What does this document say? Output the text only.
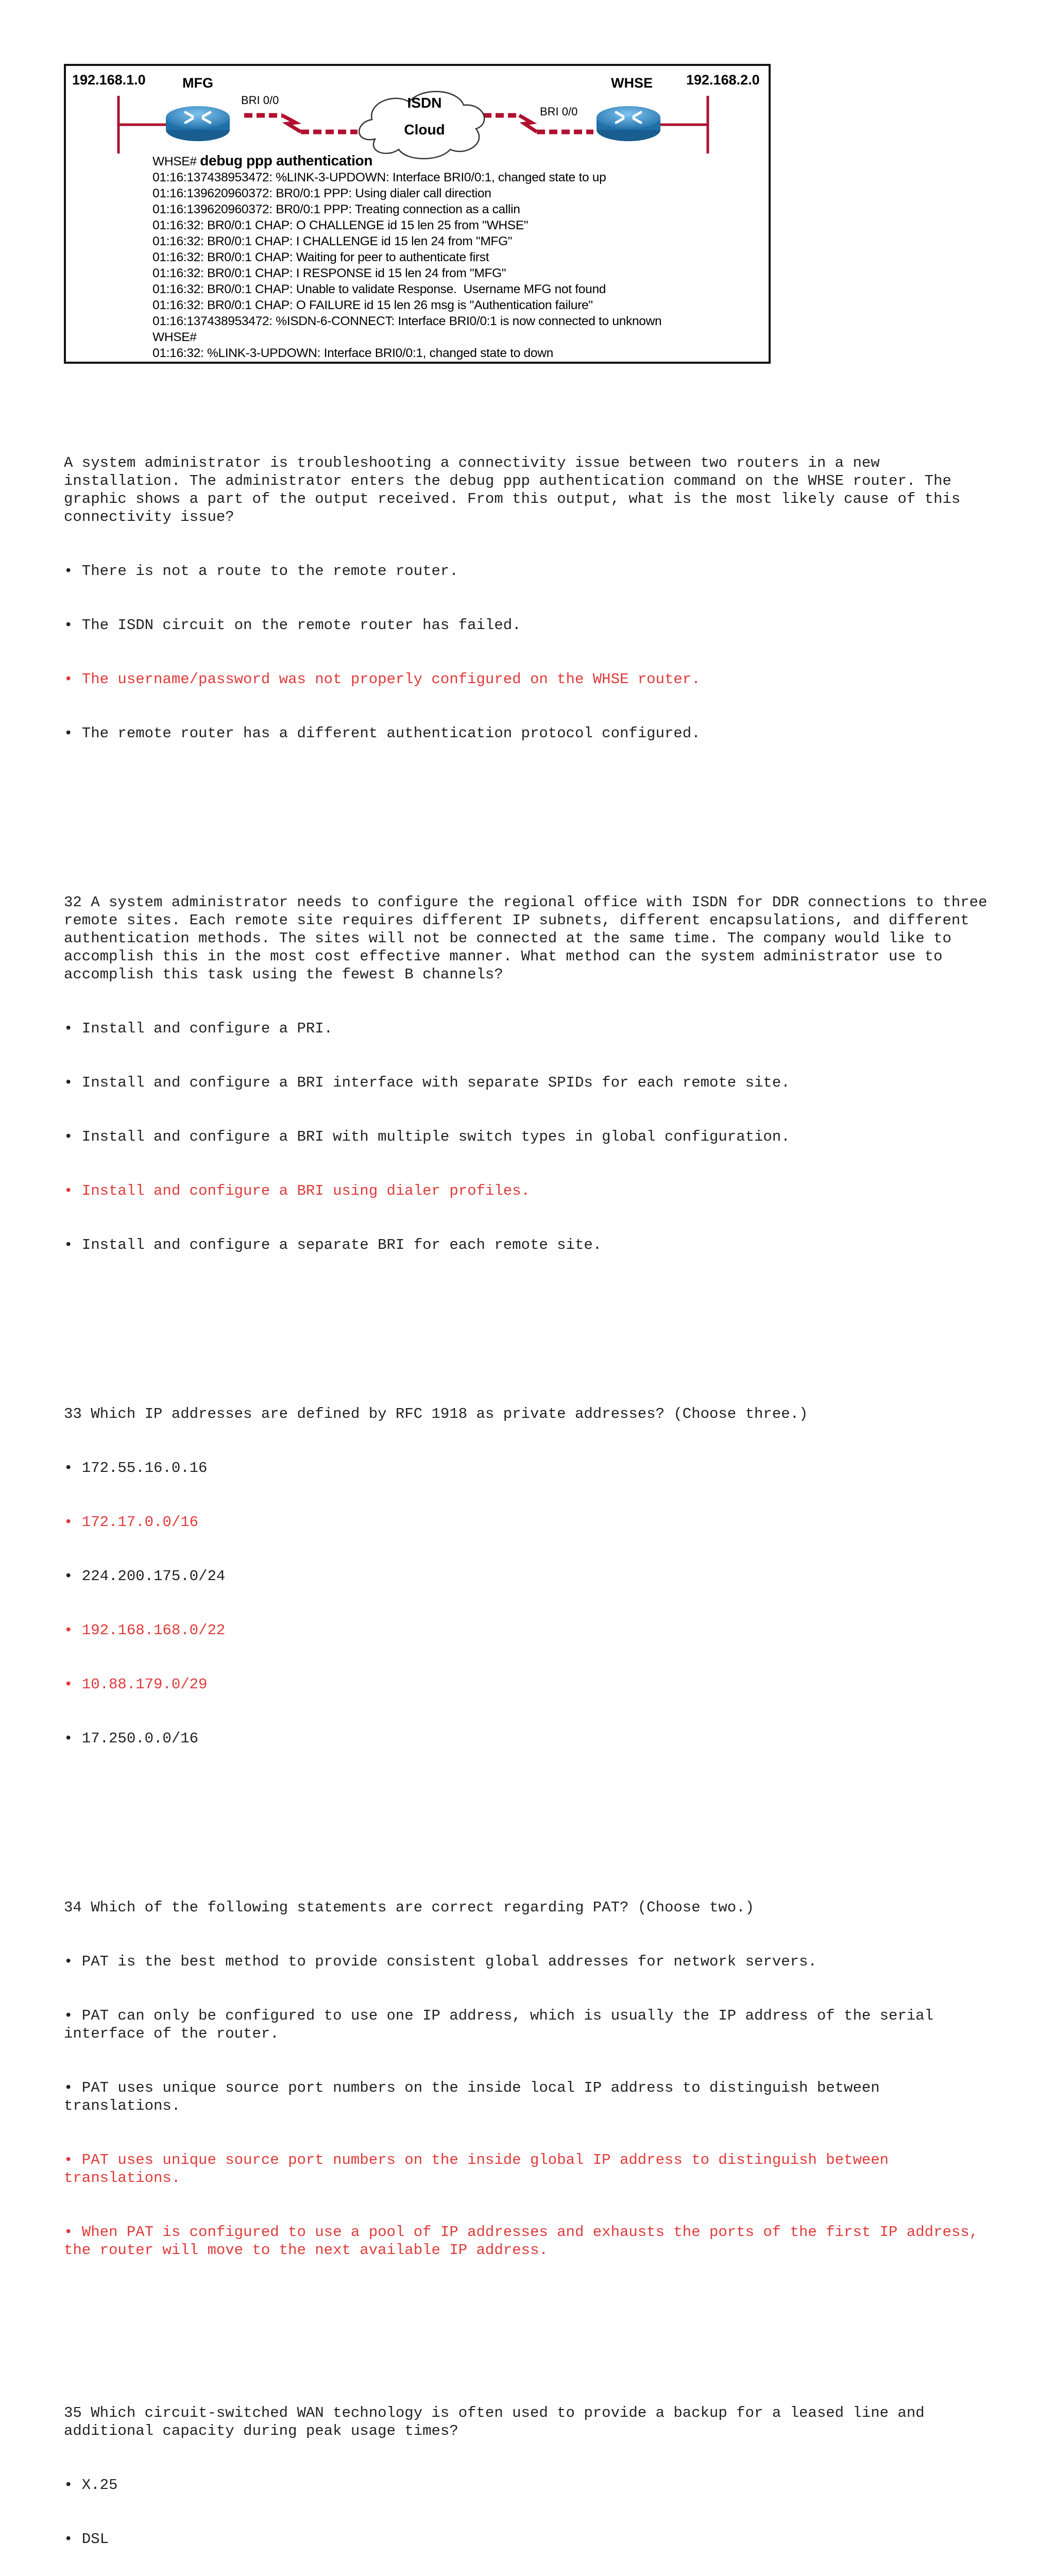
192.168.1.0	MFG
BRI 0/0
WHSE 192.168.2.0
BRI 0/0
ISDN
Cloud
WHSE# debug ppp authentication
01:16:137438953472: %LINK-3-UPDOWN: Interface BRI0/0:1, changed state to up
01:16:139620960372: BR0/0:1 PPP: Using dialer call direction
01:16:139620960372: BR0/0:1 PPP: Treating connection as a callin
01:16:32: BR0/0:1 CHAP: O CHALLENGE id 15 len 25 from "WHSE"
01:16:32: BR0/0:1 CHAP: I CHALLENGE id 15 len 24 from "MFG"
01:16:32: BR0/0:1 CHAP: Waiting for peer to authenticate first
01:16:32: BR0/0:1 CHAP: I RESPONSE id 15 len 24 from "MFG"
01:16:32: BR0/0:1 CHAP: Unable to validate Response.  Username MFG not found
01:16:32: BR0/0:1 CHAP: O FAILURE id 15 len 26 msg is "Authentication failure"
01:16:137438953472: %ISDN-6-CONNECT: Interface BRI0/0:1 is now connected to unknown
WHSE#
01:16:32: %LINK-3-UPDOWN: Interface BRI0/0:1, changed state to down

A system administrator is troubleshooting a connectivity issue between two routers in a new installation. The administrator enters the debug ppp authentication command on the WHSE router. The graphic shows a part of the output received. From this output, what is the most likely cause of this connectivity issue?

• There is not a route to the remote router.

• The ISDN circuit on the remote router has failed.

• The username/password was not properly configured on the WHSE router.

• The remote router has a different authentication protocol configured.

32 A system administrator needs to configure the regional office with ISDN for DDR connections to three remote sites. Each remote site requires different IP subnets, different encapsulations, and different authentication methods. The sites will not be connected at the same time. The company would like to accomplish this in the most cost effective manner. What method can the system administrator use to accomplish this task using the fewest B channels?

• Install and configure a PRI.

• Install and configure a BRI interface with separate SPIDs for each remote site.

• Install and configure a BRI with multiple switch types in global configuration.

• Install and configure a BRI using dialer profiles.

• Install and configure a separate BRI for each remote site.

33 Which IP addresses are defined by RFC 1918 as private addresses? (Choose three.)

• 172.55.16.0.16

• 172.17.0.0/16

• 224.200.175.0/24

• 192.168.168.0/22

• 10.88.179.0/29

• 17.250.0.0/16

34 Which of the following statements are correct regarding PAT? (Choose two.)

• PAT is the best method to provide consistent global addresses for network servers.

• PAT can only be configured to use one IP address, which is usually the IP address of the serial interface of the router.

• PAT uses unique source port numbers on the inside local IP address to distinguish between translations.

• PAT uses unique source port numbers on the inside global IP address to distinguish between translations.

• When PAT is configured to use a pool of IP addresses and exhausts the ports of the first IP address, the router will move to the next available IP address.

35 Which circuit-switched WAN technology is often used to provide a backup for a leased line and additional capacity during peak usage times?

• X.25

• DSL
